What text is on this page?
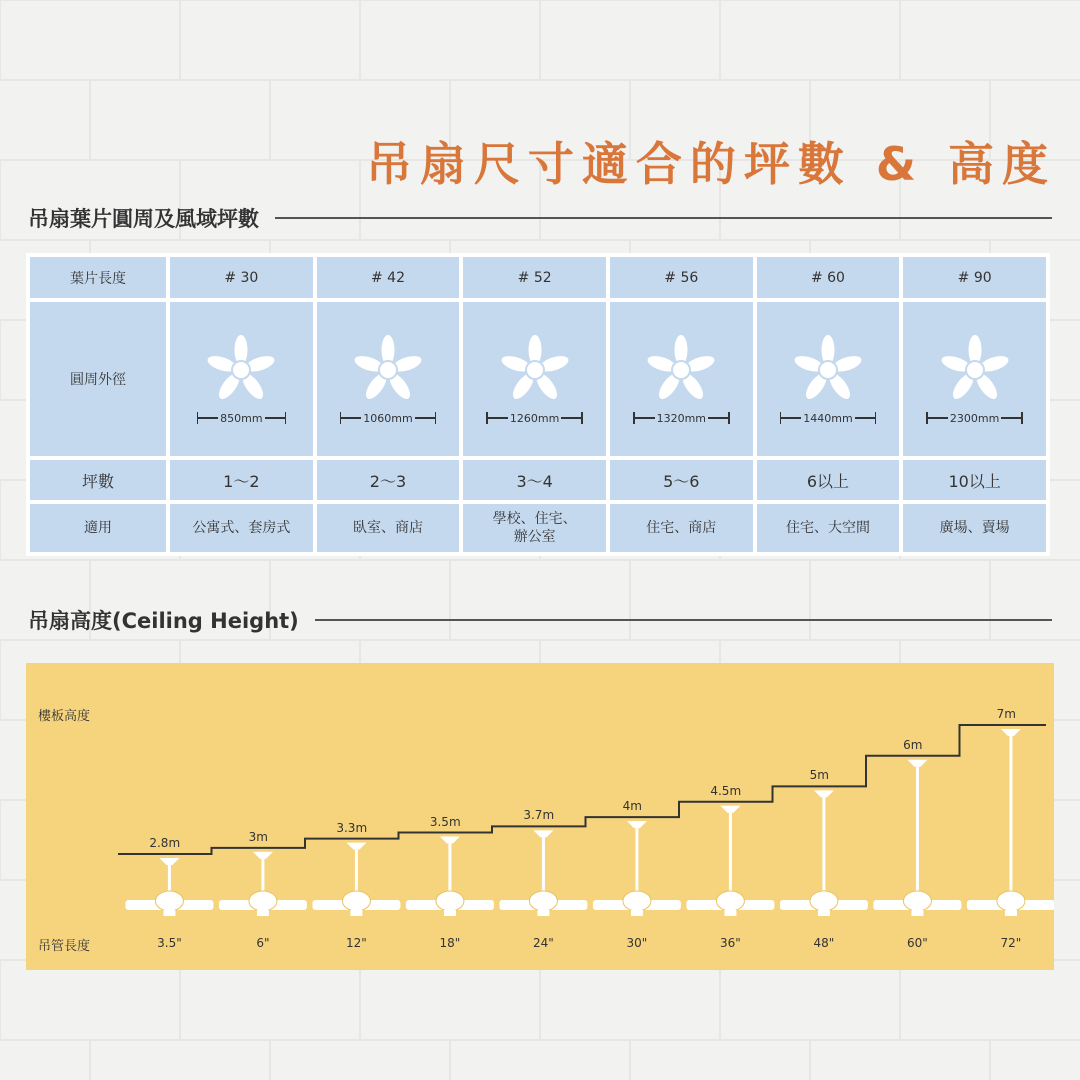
吊扇尺寸適合的坪數 & 高度
吊扇葉片圓周及風域坪數
葉片長度	# 30	# 42	# 52	# 56	# 60	# 90
圓周外徑	850mm	1060mm	1260mm	1320mm	1440mm	2300mm

坪數	1～2	2～3	3～4	5～6	6以上	10以上
適用	公寓式、套房式	臥室、商店	學校、住宅、
辦公室	住宅、商店	住宅、大空間	廣場、賣場
吊扇高度(Ceiling Height)
樓板高度
吊管長度
2.8m
3.5"
3m
6"
3.3m
12"
3.5m
18"
3.7m
24"
4m
30"
4.5m
36"
5m
48"
6m
60"
7m
72"
